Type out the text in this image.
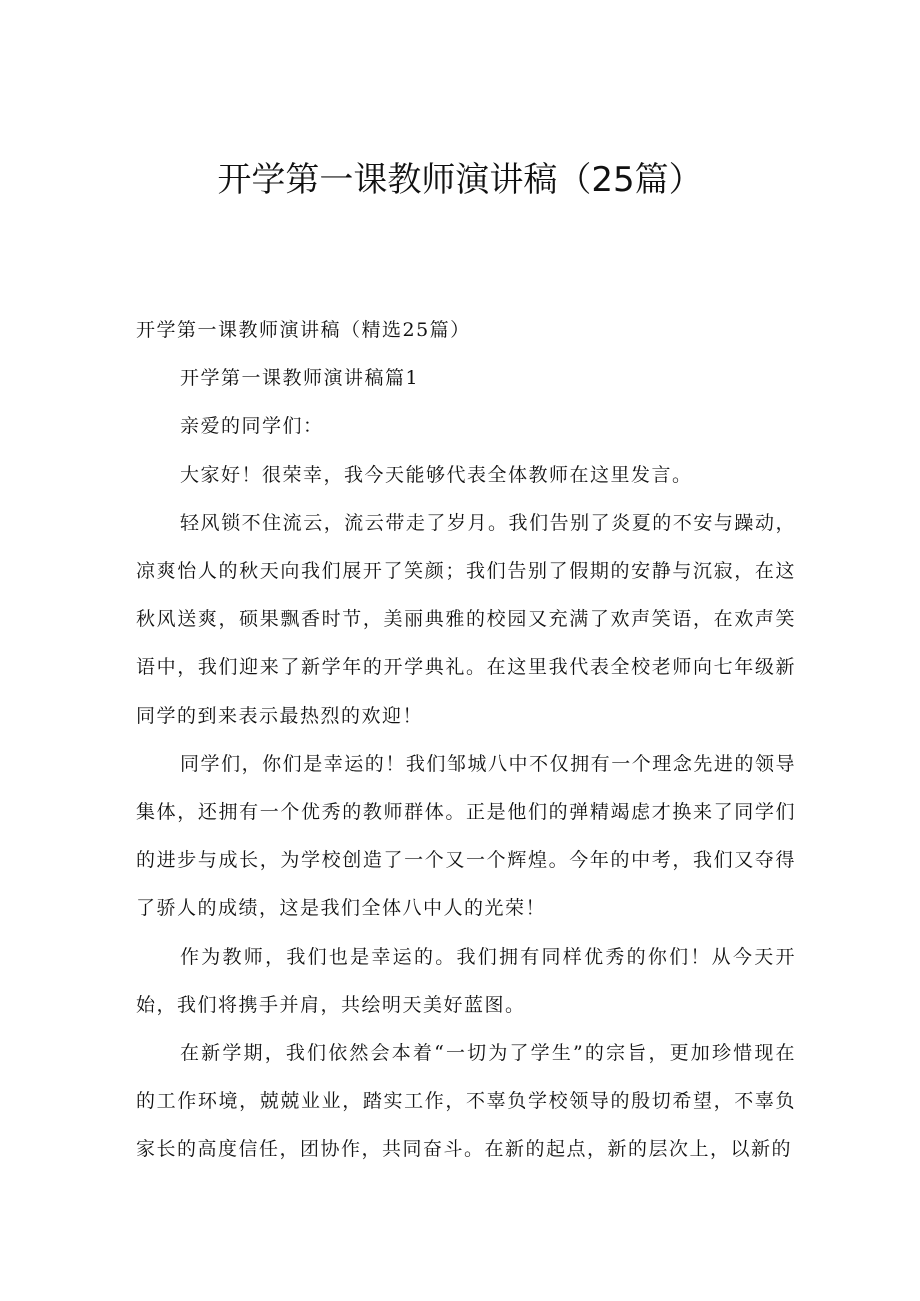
开学第一课教师演讲稿（25篇）

开学第一课教师演讲稿（精选25篇）

开学第一课教师演讲稿篇1

亲爱的同学们：

大家好！很荣幸，我今天能够代表全体教师在这里发言。

轻风锁不住流云，流云带走了岁月。我们告别了炎夏的不安与躁动，凉爽怡人的秋天向我们展开了笑颜；我们告别了假期的安静与沉寂，在这秋风送爽，硕果飘香时节，美丽典雅的校园又充满了欢声笑语，在欢声笑语中，我们迎来了新学年的开学典礼。在这里我代表全校老师向七年级新同学的到来表示最热烈的欢迎！

同学们，你们是幸运的！我们邹城八中不仅拥有一个理念先进的领导集体，还拥有一个优秀的教师群体。正是他们的弹精竭虑才换来了同学们的进步与成长，为学校创造了一个又一个辉煌。今年的中考，我们又夺得了骄人的成绩，这是我们全体八中人的光荣！

作为教师，我们也是幸运的。我们拥有同样优秀的你们！从今天开始，我们将携手并肩，共绘明天美好蓝图。

在新学期，我们依然会本着“一切为了学生”的宗旨，更加珍惜现在的工作环境，兢兢业业，踏实工作，不辜负学校领导的殷切希望，不辜负家长的高度信任，团协作，共同奋斗。在新的起点，新的层次上，以新的
